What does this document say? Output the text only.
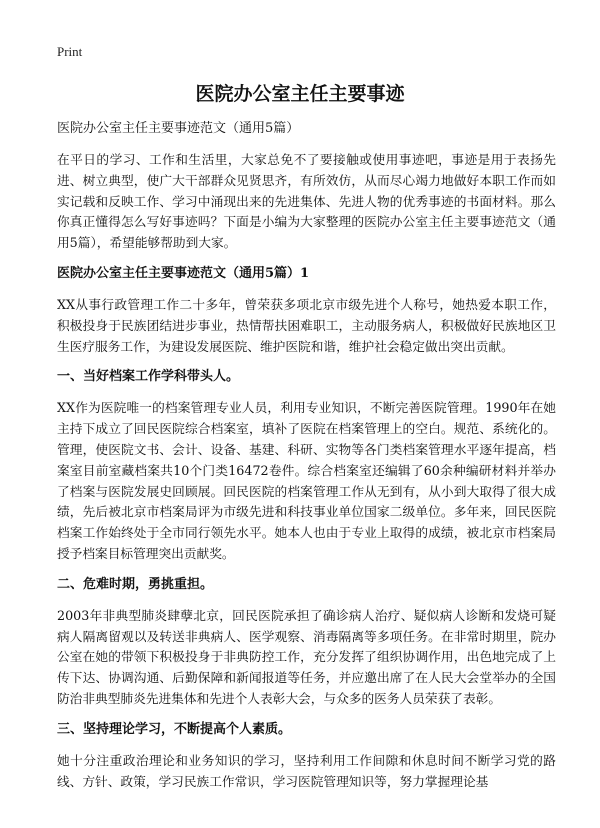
Print
医院办公室主任主要事迹

医院办公室主任主要事迹范文（通用5篇）

在平日的学习、工作和生活里，大家总免不了要接触或使用事迹吧，事迹是用于表扬先进、树立典型，使广大干部群众见贤思齐，有所效仿，从而尽心竭力地做好本职工作而如实记载和反映工作、学习中涌现出来的先进集体、先进人物的优秀事迹的书面材料。那么你真正懂得怎么写好事迹吗？下面是小编为大家整理的医院办公室主任主要事迹范文（通用5篇），希望能够帮助到大家。

医院办公室主任主要事迹范文（通用5篇）1

XX从事行政管理工作二十多年，曾荣获多项北京市级先进个人称号，她热爱本职工作，积极投身于民族团结进步事业，热情帮扶困难职工，主动服务病人，积极做好民族地区卫生医疗服务工作，为建设发展医院、维护医院和谐，维护社会稳定做出突出贡献。

一、当好档案工作学科带头人。

XX作为医院唯一的档案管理专业人员，利用专业知识，不断完善医院管理。1990年在她主持下成立了回民医院综合档案室，填补了医院在档案管理上的空白。规范、系统化的。管理，使医院文书、会计、设备、基建、科研、实物等各门类档案管理水平逐年提高，档案室目前室藏档案共10个门类16472卷件。综合档案室还编辑了60余种编研材料并举办了档案与医院发展史回顾展。回民医院的档案管理工作从无到有，从小到大取得了很大成绩，先后被北京市档案局评为市级先进和科技事业单位国家二级单位。多年来，回民医院档案工作始终处于全市同行领先水平。她本人也由于专业上取得的成绩，被北京市档案局授予档案目标管理突出贡献奖。

二、危难时期，勇挑重担。

2003年非典型肺炎肆孽北京，回民医院承担了确诊病人治疗、疑似病人诊断和发烧可疑病人隔离留观以及转送非典病人、医学观察、消毒隔离等多项任务。在非常时期里，院办公室在她的带领下积极投身于非典防控工作，充分发挥了组织协调作用，出色地完成了上传下达、协调沟通、后勤保障和新闻报道等任务，并应邀出席了在人民大会堂举办的全国防治非典型肺炎先进集体和先进个人表彰大会，与众多的医务人员荣获了表彰。

三、坚持理论学习，不断提高个人素质。

她十分注重政治理论和业务知识的学习，坚持利用工作间隙和休息时间不断学习党的路线、方针、政策，学习民族工作常识，学习医院管理知识等，努力掌握理论基
